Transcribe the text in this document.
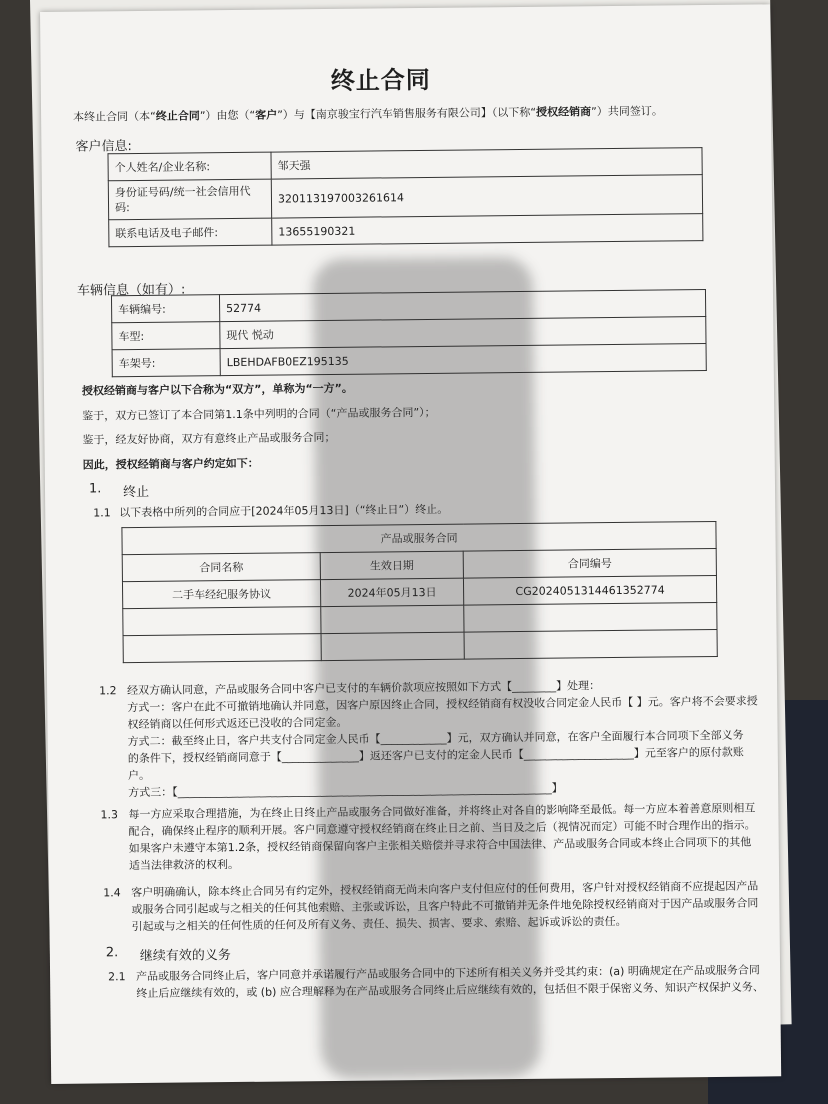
终止合同
本终止合同（本“终止合同”）由您（“客户”）与【南京骏宝行汽车销售服务有限公司】（以下称“授权经销商”）共同签订。
客户信息:
个人姓名/企业名称:	邹天强
身份证号码/统一社会信用代码:	320113197003261614
联系电话及电子邮件:	13655190321
车辆信息（如有）:
车辆编号:	52774
车型:	现代 悦动
车架号:	LBEHDAFB0EZ195135
授权经销商与客户以下合称为“双方”，单称为“一方”。
鉴于，双方已签订了本合同第1.1条中列明的合同（“产品或服务合同”）；
鉴于，经友好协商，双方有意终止产品或服务合同；
因此，授权经销商与客户约定如下：
1. 终止
1.1 以下表格中所列的合同应于[2024年05月13日]（“终止日”）终止。
产品或服务合同		
合同名称	生效日期	合同编号
二手车经纪服务协议	2024年05月13日	CG2024051314461352774

1.2 经双方确认同意，产品或服务合同中客户已支付的车辆价款项应按照如下方式【________】处理：
方式一：客户在此不可撤销地确认并同意，因客户原因终止合同，授权经销商有权没收合同定金人民币【 】元。客户将不会要求授
权经销商以任何形式返还已没收的合同定金。
方式二：截至终止日，客户共支付合同定金人民币【____________】元，双方确认并同意，在客户全面履行本合同项下全部义务
的条件下，授权经销商同意于【______________】返还客户已支付的定金人民币【____________________】元至客户的原付款账
户。
方式三：【____________________________________________________________________】
1.3 每一方应采取合理措施，为在终止日终止产品或服务合同做好准备，并将终止对各自的影响降至最低。每一方应本着善意原则相互
配合，确保终止程序的顺利开展。客户同意遵守授权经销商在终止日之前、当日及之后（视情况而定）可能不时合理作出的指示。
如果客户未遵守本第1.2条，授权经销商保留向客户主张相关赔偿并寻求符合中国法律、产品或服务合同或本终止合同项下的其他
适当法律救济的权利。
1.4 客户明确确认，除本终止合同另有约定外，授权经销商无尚未向客户支付但应付的任何费用，客户针对授权经销商不应提起因产品
或服务合同引起或与之相关的任何其他索赔、主张或诉讼，且客户特此不可撤销并无条件地免除授权经销商对于因产品或服务合同
引起或与之相关的任何性质的任何及所有义务、责任、损失、损害、要求、索赔、起诉或诉讼的责任。
2. 继续有效的义务
2.1 产品或服务合同终止后，客户同意并承诺履行产品或服务合同中的下述所有相关义务并受其约束：(a) 明确规定在产品或服务合同
终止后应继续有效的，或 (b) 应合理解释为在产品或服务合同终止后应继续有效的，包括但不限于保密义务、知识产权保护义务、
